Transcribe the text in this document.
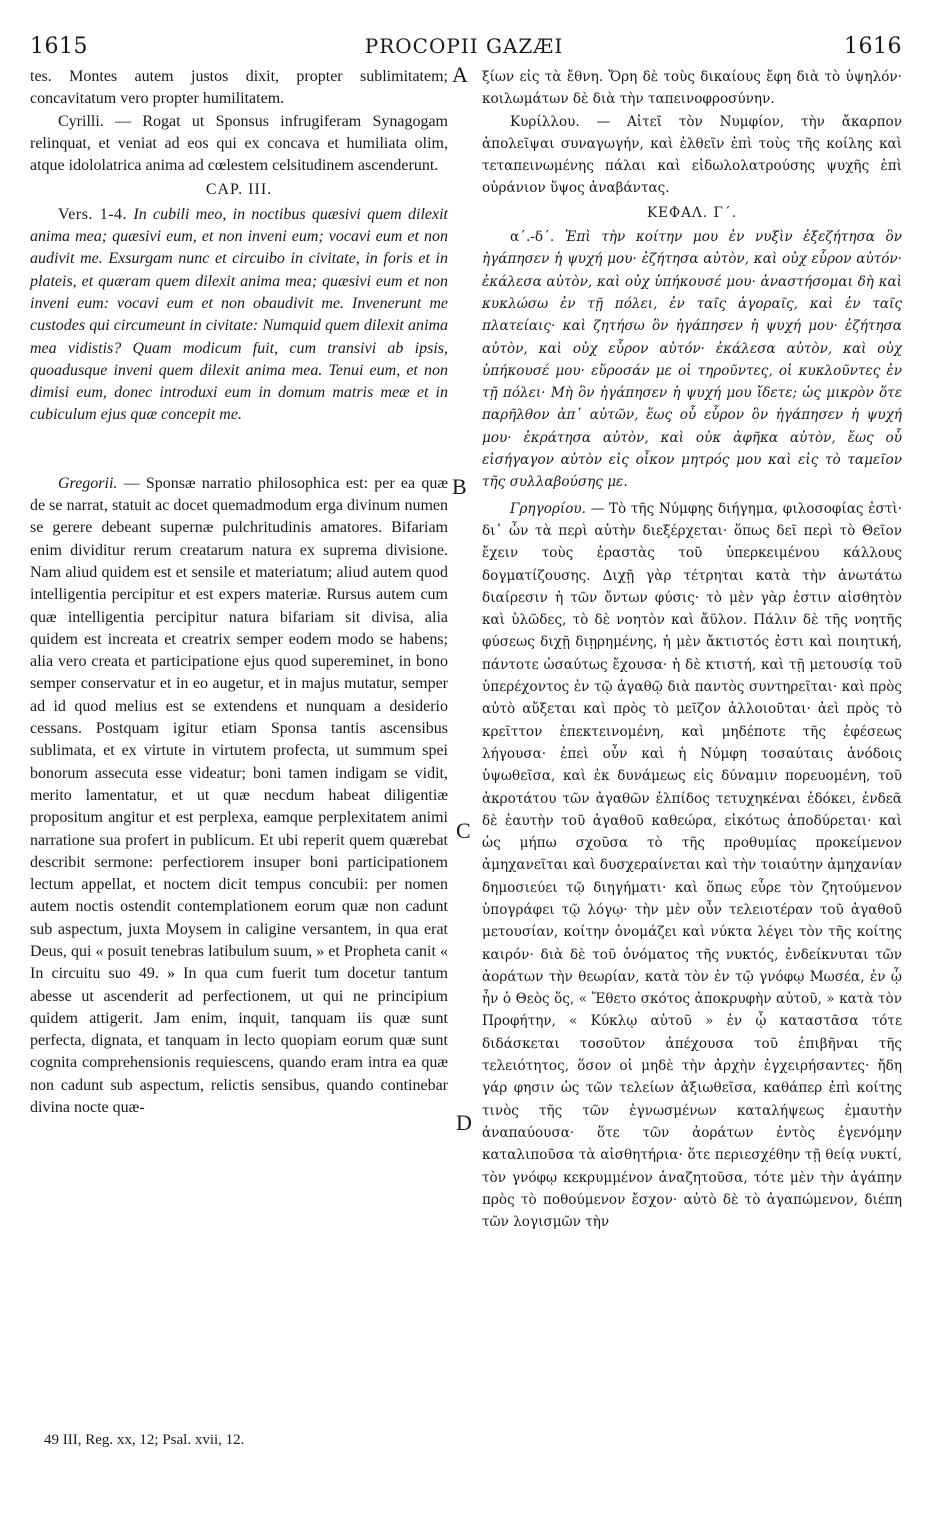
1615	PROCOPII GAZÆI	1616

tes. Montes autem justos dixit, propter sublimitatem; concavitatum vero propter humilitatem.

Cyrilli. — Rogat ut Sponsus infrugiferam Synagogam relinquat, et veniat ad eos qui ex concava et humiliata olim, atque idololatrica anima ad cœlestem celsitudinem ascenderunt.

CAP. III.

Vers. 1-4. In cubili meo, in noctibus quæsivi quem dilexit anima mea; quæsivi eum, et non inveni eum; vocavi eum et non audivit me. Exsurgam nunc et circuibo in civitate, in foris et in plateis, et quæram quem dilexit anima mea; quæsivi eum et non inveni eum: vocavi eum et non obaudivit me. Invenerunt me custodes qui circumeunt in civitate: Numquid quem dilexit anima mea vidistis? Quam modicum fuit, cum transivi ab ipsis, quoadusque inveni quem dilexit anima mea. Tenui eum, et non dimisi eum, donec introduxi eum in domum matris meæ et in cubiculum ejus quæ concepit me.

Gregorii. — Sponsæ narratio philosophica est: per ea quæ de se narrat, statuit ac docet quemadmodum erga divinum numen se gerere debeant supernæ pulchritudinis amatores. Bifariam enim dividitur rerum creatarum natura ex suprema divisione. Nam aliud quidem est et sensile et materiatum; aliud autem quod intelligentia percipitur et est expers materiæ. Rursus autem cum quæ intelligentia percipitur natura bifariam sit divisa, alia quidem est increata et creatrix semper eodem modo se habens; alia vero creata et participatione ejus quod supereminet, in bono semper conservatur et in eo augetur, et in majus mutatur, semper ad id quod melius est se extendens et nunquam a desiderio cessans. Postquam igitur etiam Sponsa tantis ascensibus sublimata, et ex virtute in virtutem profecta, ut summum spei bonorum assecuta esse videatur; boni tamen indigam se vidit, merito lamentatur, et ut quæ necdum habeat diligentiæ propositum angitur et est perplexa, eamque perplexitatem animi narratione sua profert in publicum. Et ubi reperit quem quærebat describit sermone: perfectiorem insuper boni participationem lectum appellat, et noctem dicit tempus concubii: per nomen autem noctis ostendit contemplationem eorum quæ non cadunt sub aspectum, juxta Moysem in caligine versantem, in qua erat Deus, qui « posuit tenebras latibulum suum, » et Propheta canit « In circuitu suo 49. » In qua cum fuerit tum docetur tantum abesse ut ascenderit ad perfectionem, ut qui ne principium quidem attigerit. Jam enim, inquit, tanquam iis quæ sunt perfecta, dignata, et tanquam in lecto quopiam eorum quæ sunt cognita comprehensionis requiescens, quando eram intra ea quæ non cadunt sub aspectum, relictis sensibus, quando continebar divina nocte quæ-

ξίων εἰς τὰ ἔθνη. Ὄρη δὲ τοὺς δικαίους ἔφη διὰ τὸ ὑψηλόν· κοιλωμάτων δὲ διὰ τὴν ταπεινοφροσύνην.

Κυρίλλου. — Αἰτεῖ τὸν Νυμφίον, τὴν ἄκαρπον ἀπολεῖψαι συναγωγήν, καὶ ἐλθεῖν ἐπὶ τοὺς τῆς κοίλης καὶ τεταπεινωμένης πάλαι καὶ εἰδωλολατρούσης ψυχῆς ἐπὶ οὐράνιον ὕψος ἀναβάντας.

ΚΕΦΑΛ. Γ΄.

α΄.-δ΄. Ἐπὶ τὴν κοίτην μου ἐν νυξὶν ἐξεζήτησα ὃν ἠγάπησεν ἡ ψυχή μου· ἐζήτησα αὐτὸν, καὶ οὐχ εὗρον αὐτόν· ἐκάλεσα αὐτὸν, καὶ οὐχ ὑπήκουσέ μου· ἀναστήσομαι δὴ καὶ κυκλώσω ἐν τῇ πόλει, ἐν ταῖς ἀγοραῖς, καὶ ἐν ταῖς πλατείαις· καὶ ζητήσω ὃν ἠγάπησεν ἡ ψυχή μου· ἐζήτησα αὐτὸν, καὶ οὐχ εὗρον αὐτόν· ἐκάλεσα αὐτὸν, καὶ οὐχ ὑπήκουσέ μου· εὕροσάν με οἱ τηροῦντες, οἱ κυκλοῦντες ἐν τῇ πόλει· Μὴ ὃν ἠγάπησεν ἡ ψυχή μου ἴδετε; ὡς μικρὸν ὅτε παρῆλθον ἀπ᾽ αὐτῶν, ἕως οὗ εὗρον ὃν ἠγάπησεν ἡ ψυχή μου· ἐκράτησα αὐτὸν, καὶ οὐκ ἀφῆκα αὐτὸν, ἕως οὗ εἰσήγαγον αὐτὸν εἰς οἶκον μητρός μου καὶ εἰς τὸ ταμεῖον τῆς συλλαβούσης με.

Γρηγορίου. — Τὸ τῆς Νύμφης διήγημα, φιλοσοφίας ἐστὶ· δι᾽ ὧν τὰ περὶ αὐτὴν διεξέρχεται· ὅπως δεῖ περὶ τὸ Θεῖον ἔχειν τοὺς ἐραστὰς τοῦ ὑπερκειμένου κάλλους δογματίζουσης. Διχῇ γὰρ τέτρηται κατὰ τὴν ἀνωτάτω διαίρεσιν ἡ τῶν ὄντων φύσις· τὸ μὲν γὰρ ἐστιν αἰσθητὸν καὶ ὑλῶδες, τὸ δὲ νοητὸν καὶ ἄϋλον. Πάλιν δὲ τῆς νοητῆς φύσεως διχῇ διῃρημένης, ἡ μὲν ἄκτιστός ἐστι καὶ ποιητική, πάντοτε ὡσαύτως ἔχουσα· ἡ δὲ κτιστή, καὶ τῇ μετουσίᾳ τοῦ ὑπερέχοντος ἐν τῷ ἀγαθῷ διὰ παντὸς συντηρεῖται· καὶ πρὸς αὐτὸ αὔξεται καὶ πρὸς τὸ μεῖζον ἀλλοιοῦται· ἀεὶ πρὸς τὸ κρεῖττον ἐπεκτεινομένη, καὶ μηδέποτε τῆς ἐφέσεως λήγουσα· ἐπεὶ οὖν καὶ ἡ Νύμφη τοσαύταις ἀνόδοις ὑψωθεῖσα, καὶ ἐκ δυνάμεως εἰς δύναμιν πορευομένη, τοῦ ἀκροτάτου τῶν ἀγαθῶν ἐλπίδος τετυχηκέναι ἐδόκει, ἐνδεᾶ δὲ ἑαυτὴν τοῦ ἀγαθοῦ καθεώρα, εἰκότως ἀποδύρεται· καὶ ὡς μήπω σχοῦσα τὸ τῆς προθυμίας προκείμενον ἀμηχανεῖται καὶ δυσχεραίνεται καὶ τὴν τοιαύτην ἀμηχανίαν δημοσιεύει τῷ διηγήματι· καὶ ὅπως εὗρε τὸν ζητούμενον ὑπογράφει τῷ λόγῳ· τὴν μὲν οὖν τελειοτέραν τοῦ ἀγαθοῦ μετουσίαν, κοίτην ὀνομάζει καὶ νύκτα λέγει τὸν τῆς κοίτης καιρόν· διὰ δὲ τοῦ ὀνόματος τῆς νυκτός, ἐνδείκνυται τῶν ἀοράτων τὴν θεωρίαν, κατὰ τὸν ἐν τῷ γνόφῳ Μωσέα, ἐν ᾧ ἦν ὁ Θεὸς ὅς, « Ἔθετο σκότος ἀποκρυφὴν αὐτοῦ, » κατὰ τὸν Προφήτην, « Κύκλῳ αὐτοῦ » ἐν ᾧ καταστᾶσα τότε διδάσκεται τοσοῦτον ἀπέχουσα τοῦ ἐπιβῆναι τῆς τελειότητος, ὅσον οἱ μηδὲ τὴν ἀρχὴν ἐγχειρήσαντες· ἤδη γάρ φησιν ὡς τῶν τελείων ἀξιωθεῖσα, καθάπερ ἐπὶ κοίτης τινὸς τῆς τῶν ἐγνωσμένων καταλήψεως ἐμαυτὴν ἀναπαύουσα· ὅτε τῶν ἀοράτων ἐντὸς ἐγενόμην καταλιποῦσα τὰ αἰσθητήρια· ὅτε περιεσχέθην τῇ θείᾳ νυκτί, τὸν γνόφῳ κεκρυμμένον ἀναζητοῦσα, τότε μὲν τὴν ἀγάπην πρὸς τὸ ποθούμενον ἔσχον· αὐτὸ δὲ τὸ ἀγαπώμενον, διέπη τῶν λογισμῶν τὴν

A
B
C
D
49 III, Reg. xx, 12; Psal. xvii, 12.
